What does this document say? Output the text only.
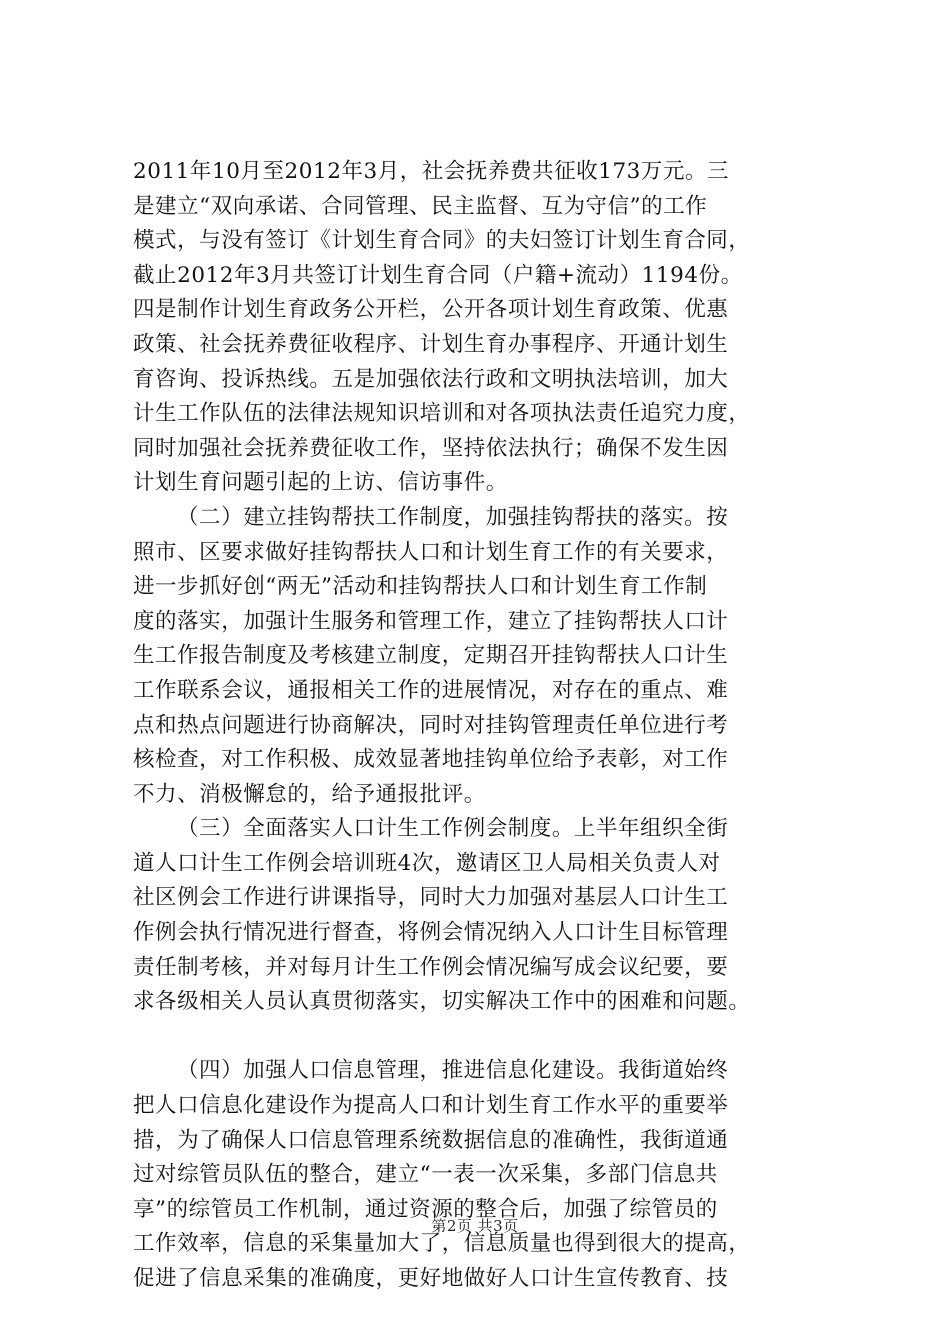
2011年10月至2012年3月，社会抚养费共征收173万元。三
是建立“双向承诺、合同管理、民主监督、互为守信”的工作
模式，与没有签订《计划生育合同》的夫妇签订计划生育合同，
截止2012年3月共签订计划生育合同（户籍+流动）1194份。
四是制作计划生育政务公开栏，公开各项计划生育政策、优惠
政策、社会抚养费征收程序、计划生育办事程序、开通计划生
育咨询、投诉热线。五是加强依法行政和文明执法培训，加大
计生工作队伍的法律法规知识培训和对各项执法责任追究力度，
同时加强社会抚养费征收工作，坚持依法执行；确保不发生因
计划生育问题引起的上访、信访事件。
（二）建立挂钩帮扶工作制度，加强挂钩帮扶的落实。按
照市、区要求做好挂钩帮扶人口和计划生育工作的有关要求，
进一步抓好创“两无”活动和挂钩帮扶人口和计划生育工作制
度的落实，加强计生服务和管理工作，建立了挂钩帮扶人口计
生工作报告制度及考核建立制度，定期召开挂钩帮扶人口计生
工作联系会议，通报相关工作的进展情况，对存在的重点、难
点和热点问题进行协商解决，同时对挂钩管理责任单位进行考
核检查，对工作积极、成效显著地挂钩单位给予表彰，对工作
不力、消极懈怠的，给予通报批评。
（三）全面落实人口计生工作例会制度。上半年组织全街
道人口计生工作例会培训班4次，邀请区卫人局相关负责人对
社区例会工作进行讲课指导，同时大力加强对基层人口计生工
作例会执行情况进行督查，将例会情况纳入人口计生目标管理
责任制考核，并对每月计生工作例会情况编写成会议纪要，要
求各级相关人员认真贯彻落实，切实解决工作中的困难和问题。
（四）加强人口信息管理，推进信息化建设。我街道始终
把人口信息化建设作为提高人口和计划生育工作水平的重要举
措，为了确保人口信息管理系统数据信息的准确性，我街道通
过对综管员队伍的整合，建立“一表一次采集，多部门信息共
享”的综管员工作机制，通过资源的整合后，加强了综管员的
工作效率，信息的采集量加大了，信息质量也得到很大的提高，
促进了信息采集的准确度，更好地做好人口计生宣传教育、技
第2页 共3页
